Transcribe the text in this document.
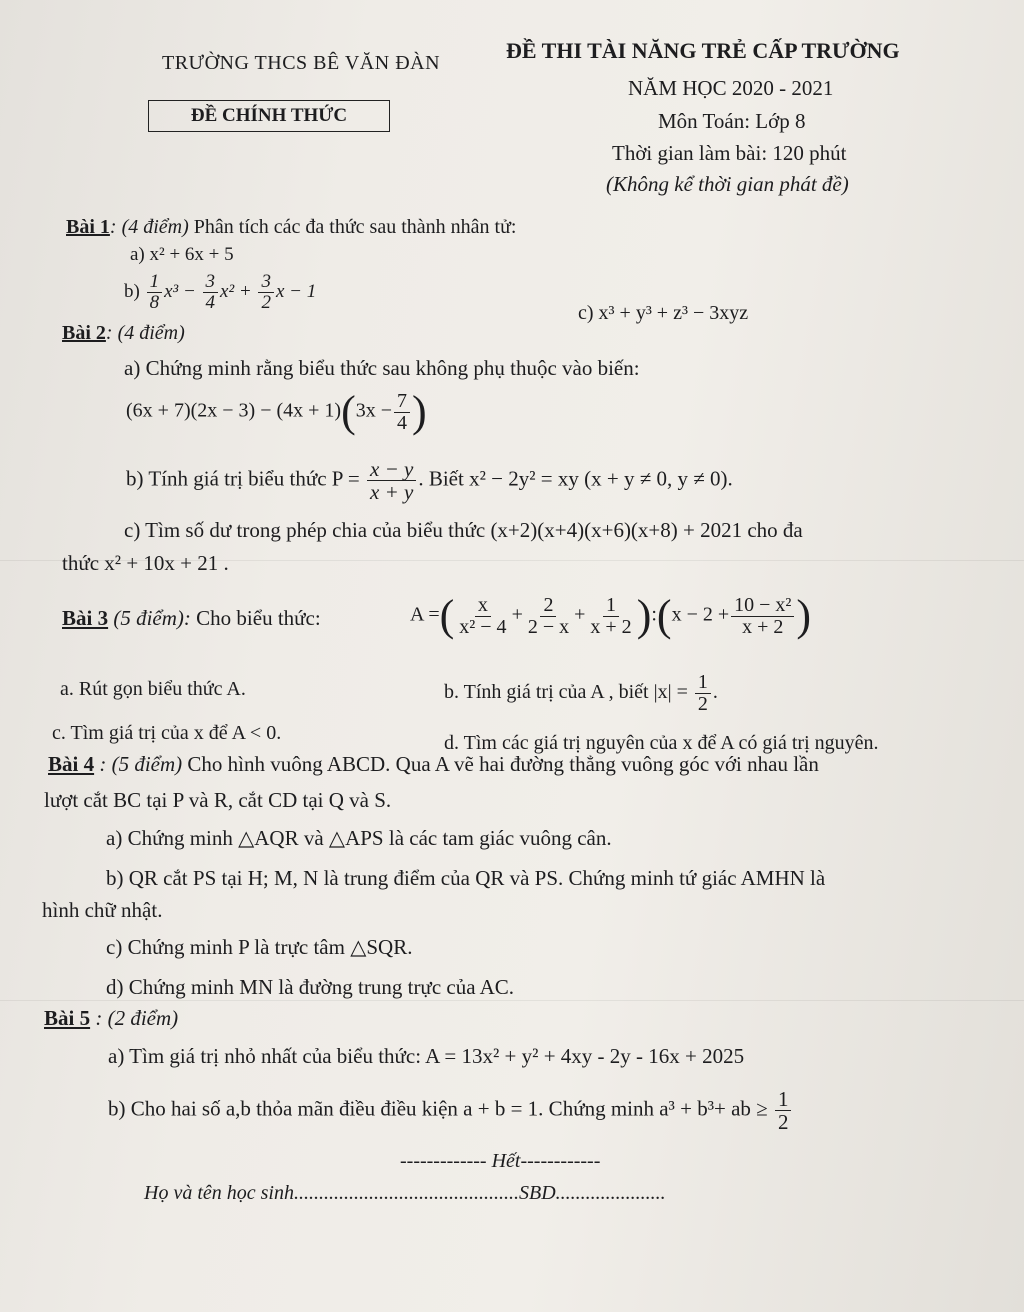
TRƯỜNG THCS BÊ VĂN ĐÀN
ĐỀ CHÍNH THỨC
ĐỀ THI TÀI NĂNG TRẺ CẤP TRƯỜNG
NĂM HỌC 2020 - 2021
Môn Toán: Lớp 8
Thời gian làm bài: 120 phút
(Không kể thời gian phát đề)
Bài 1: (4 điểm) Phân tích các đa thức sau thành nhân tử:
a) x² + 6x + 5
$b) \frac{1}{8} x^3 - \frac{3}{4} x^2 + \frac{3}{2}$ x − 1
c) x³ + y³ + z³ − 3xyz
Bài 2: (4 điểm)
a) Chứng minh rằng biểu thức sau không phụ thuộc vào biến:
$(6x + 7)(2x - 3) - (4x + 1)(3x - \frac{7}{4}$ )
b) Tính giá trị biểu thức $P = \frac{x - y}{x + y}$ . Biết x² − 2y² = xy (x + y ≠ 0, y ≠ 0).
c) Tìm số dư trong phép chia của biểu thức (x+2)(x+4)(x+6)(x+8) + 2021 cho đa
thức x² + 10x + 21 .
Bài 3 (5 điểm): Cho biểu thức:	A =( $\frac{x}{\text{x² − 4}} + \frac{2}{2 - x} + \frac{1}{x + 2}$ ):(x − $2 + \frac{\text{10 − x²}}{x + 2}$ )
a. Rút gọn biểu thức A.	b. Tính giá trị của A , biết $|x| = \frac{1}{2}$ .
c. Tìm giá trị của x để A < 0.	d. Tìm các giá trị nguyên của x để A có giá trị nguyên.
Bài 4 : (5 điểm) Cho hình vuông ABCD. Qua A vẽ hai đường thẳng vuông góc với nhau lần
lượt cắt BC tại P và R, cắt CD tại Q và S.
a) Chứng minh △AQR và △APS là các tam giác vuông cân.
b) QR cắt PS tại H; M, N là trung điểm của QR và PS. Chứng minh tứ giác AMHN là
hình chữ nhật.
c) Chứng minh P là trực tâm △SQR.
d) Chứng minh MN là đường trung trực của AC.
Bài 5 : (2 điểm)
a) Tìm giá trị nhỏ nhất của biểu thức: A = 13x² + y² + 4xy - 2y - 16x + 2025
b) Cho hai số a,b thỏa mãn điều điều kiện a + b = 1. Chứng minh a³ + b³+ ab ≥ $\frac{1}{2}$
------------- Hết------------
Họ và tên học sinh.............................................SBD......................
